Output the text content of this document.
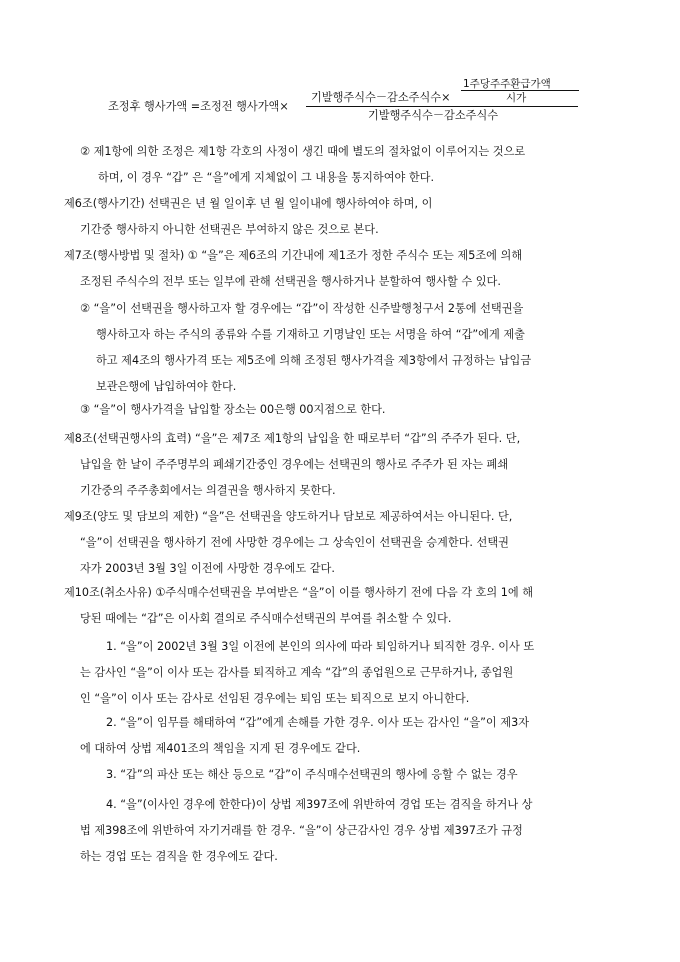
조정후 행사가액 =조정전 행사가액×
기발행주식수－감소주식수×
1주당주주환급가액
시가
기발행주식수－감소주식수
② 제1항에 의한 조정은 제1항 각호의 사정이 생긴 때에 별도의 절차없이 이루어지는 것으로
하며, 이 경우 “갑” 은 “을”에게 지체없이 그 내용을 통지하여야 한다.
제6조(행사기간) 선택권은 년 월 일이후 년 월 일이내에 행사하여야 하며, 이
기간중 행사하지 아니한 선택권은 부여하지 않은 것으로 본다.
제7조(행사방법 및 절차) ① “을”은 제6조의 기간내에 제1조가 정한 주식수 또는 제5조에 의해
조정된 주식수의 전부 또는 일부에 관해 선택권을 행사하거나 분할하여 행사할 수 있다.
② “을”이 선택권을 행사하고자 할 경우에는 “갑”이 작성한 신주발행청구서 2통에 선택권을
행사하고자 하는 주식의 종류와 수를 기재하고 기명날인 또는 서명을 하여 “갑”에게 제출
하고 제4조의 행사가격 또는 제5조에 의해 조정된 행사가격을 제3항에서 규정하는 납입금
보관은행에 납입하여야 한다.
③ “을”이 행사가격을 납입할 장소는 00은행 00지점으로 한다.
제8조(선택권행사의 효력) “을”은 제7조 제1항의 납입을 한 때로부터 “갑”의 주주가 된다. 단,
납입을 한 날이 주주명부의 폐쇄기간중인 경우에는 선택권의 행사로 주주가 된 자는 폐쇄
기간중의 주주총회에서는 의결권을 행사하지 못한다.
제9조(양도 및 담보의 제한) “을”은 선택권을 양도하거나 담보로 제공하여서는 아니된다. 단,
“을”이 선택권을 행사하기 전에 사망한 경우에는 그 상속인이 선택권을 승계한다. 선택권
자가 2003년 3월 3일 이전에 사망한 경우에도 같다.
제10조(취소사유) ①주식매수선택권을 부여받은 “을”이 이를 행사하기 전에 다음 각 호의 1에 해
당된 때에는 “갑”은 이사회 결의로 주식매수선택권의 부여를 취소할 수 있다.
1. “을”이 2002년 3월 3일 이전에 본인의 의사에 따라 퇴임하거나 퇴직한 경우. 이사 또
는 감사인 “을”이 이사 또는 감사를 퇴직하고 계속 “갑”의 종업원으로 근무하거나, 종업원
인 “을”이 이사 또는 감사로 선임된 경우에는 퇴임 또는 퇴직으로 보지 아니한다.
2. “을”이 임무를 해태하여 “갑”에게 손해를 가한 경우. 이사 또는 감사인 “을”이 제3자
에 대하여 상법 제401조의 책임을 지게 된 경우에도 같다.
3. “갑”의 파산 또는 해산 등으로 “갑”이 주식매수선택권의 행사에 응할 수 없는 경우
4. “을”(이사인 경우에 한한다)이 상법 제397조에 위반하여 경업 또는 겸직을 하거나 상
법 제398조에 위반하여 자기거래를 한 경우. “을”이 상근감사인 경우 상법 제397조가 규정
하는 경업 또는 겸직을 한 경우에도 같다.
